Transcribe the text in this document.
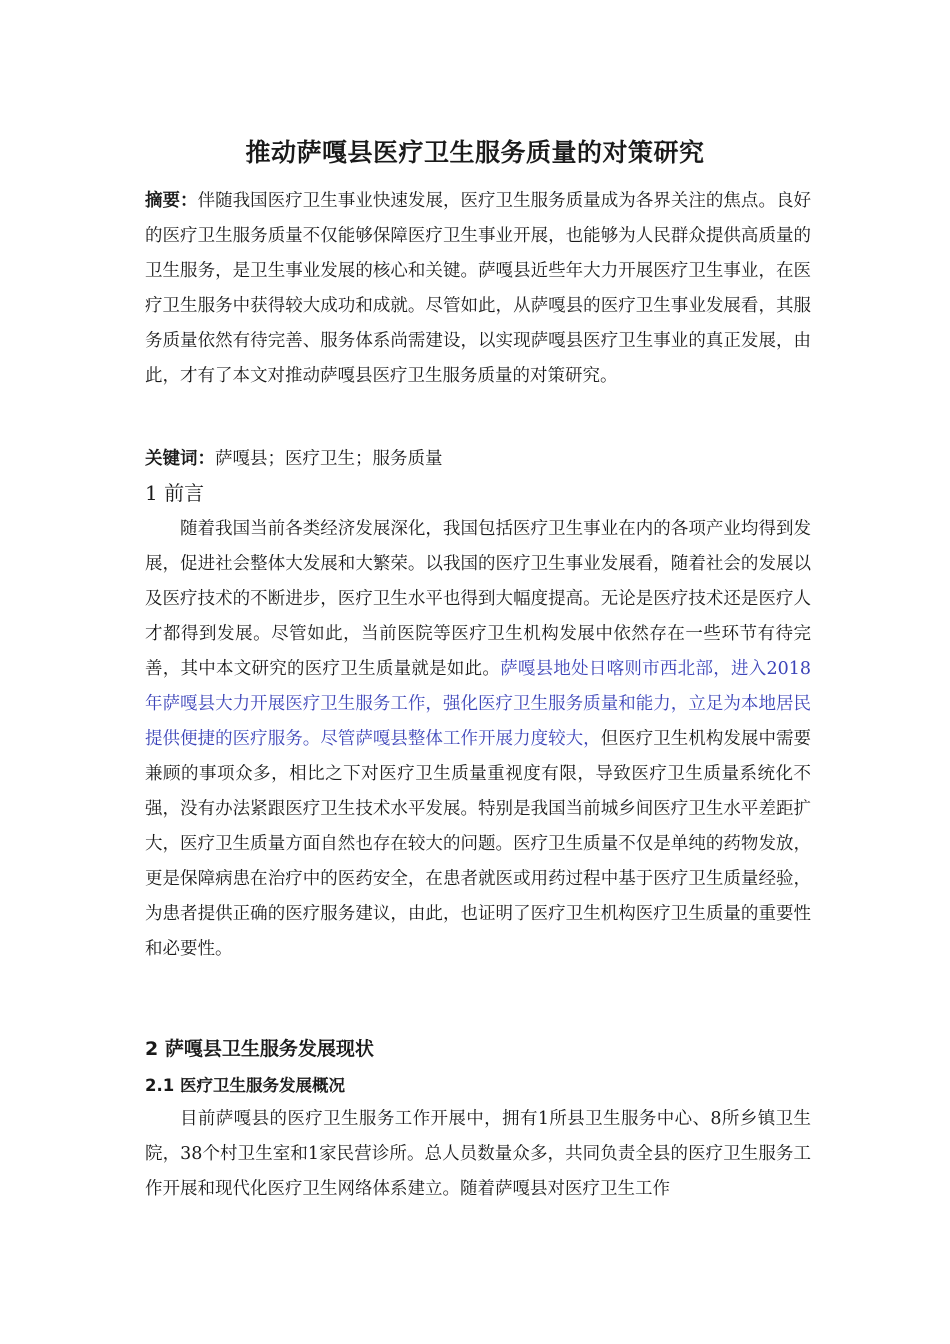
推动萨嘎县医疗卫生服务质量的对策研究

摘要：伴随我国医疗卫生事业快速发展，医疗卫生服务质量成为各界关注的焦点。良好的医疗卫生服务质量不仅能够保障医疗卫生事业开展，也能够为人民群众提供高质量的卫生服务，是卫生事业发展的核心和关键。萨嘎县近些年大力开展医疗卫生事业，在医疗卫生服务中获得较大成功和成就。尽管如此，从萨嘎县的医疗卫生事业发展看，其服务质量依然有待完善、服务体系尚需建设，以实现萨嘎县医疗卫生事业的真正发展，由此，才有了本文对推动萨嘎县医疗卫生服务质量的对策研究。

关键词：萨嘎县；医疗卫生；服务质量

1 前言

随着我国当前各类经济发展深化，我国包括医疗卫生事业在内的各项产业均得到发展，促进社会整体大发展和大繁荣。以我国的医疗卫生事业发展看，随着社会的发展以及医疗技术的不断进步，医疗卫生水平也得到大幅度提高。无论是医疗技术还是医疗人才都得到发展。尽管如此，当前医院等医疗卫生机构发展中依然存在一些环节有待完善，其中本文研究的医疗卫生质量就是如此。萨嘎县地处日喀则市西北部，进入2018年萨嘎县大力开展医疗卫生服务工作，强化医疗卫生服务质量和能力，立足为本地居民提供便捷的医疗服务。尽管萨嘎县整体工作开展力度较大，但医疗卫生机构发展中需要兼顾的事项众多，相比之下对医疗卫生质量重视度有限，导致医疗卫生质量系统化不强，没有办法紧跟医疗卫生技术水平发展。特别是我国当前城乡间医疗卫生水平差距扩大，医疗卫生质量方面自然也存在较大的问题。医疗卫生质量不仅是单纯的药物发放，更是保障病患在治疗中的医药安全，在患者就医或用药过程中基于医疗卫生质量经验，为患者提供正确的医疗服务建议，由此，也证明了医疗卫生机构医疗卫生质量的重要性和必要性。

2 萨嘎县卫生服务发展现状
2.1 医疗卫生服务发展概况

目前萨嘎县的医疗卫生服务工作开展中，拥有1所县卫生服务中心、8所乡镇卫生院，38个村卫生室和1家民营诊所。总人员数量众多，共同负责全县的医疗卫生服务工作开展和现代化医疗卫生网络体系建立。随着萨嘎县对医疗卫生工作
